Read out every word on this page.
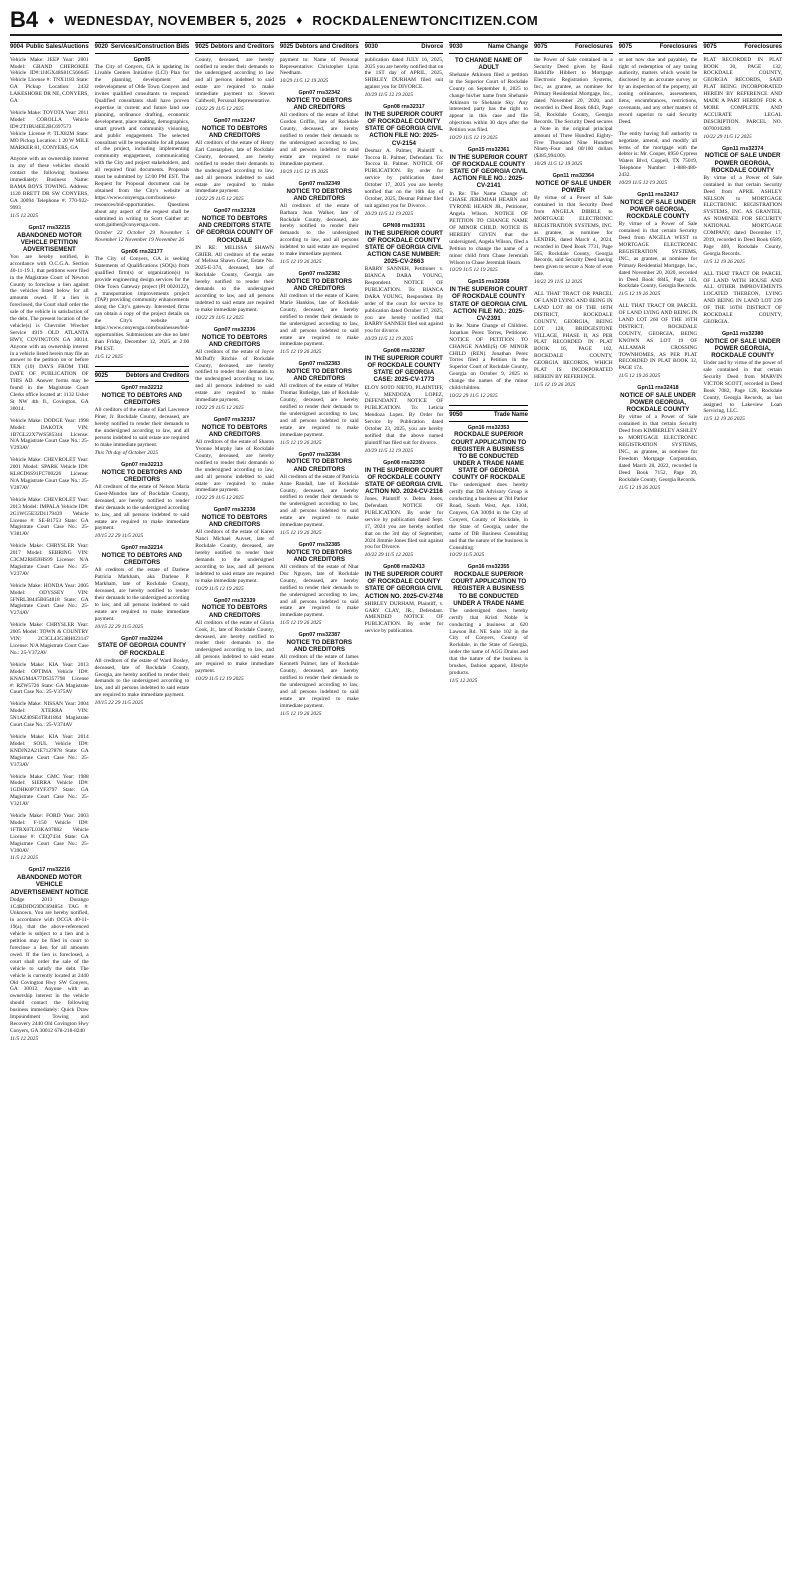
B4 ♦ WEDNESDAY, NOVEMBER 5, 2025 ♦ ROCKDALENEWTONCITIZEN.COM
9004 Public Sales/Auctions
Vehicle Make: JEEP Year: 2001 Model: GRAND CHEROKEE Vehicle ID#:1J4GX48S81C566645 Vehicle License #: TNX1183 State: GA Pickup Location: 2432 LAKESHORE DR NE, CONYERS, GA
Vehicle Make: TOYOTA Year: 2011 Model: COROLLA Vehicle ID#:2T1BU4EE2BC697573 Vehicle License #: TLX82M State: MO Pickup Location: 1 20 W MILE MARKER 81, CONYERS, GA
Anyone with an ownership interest in any of these vehicles should contact the following business immediately: Business Name: BAMA BOYS TOWING. Address: 1120 BRETT DR SW CONYERS, GA 30094 Telephone #: 770-922-9993
11/5 12 2025
Gpn17 rns32215
ABANDONED MOTOR VEHICLE PETITION ADVERTISEMENT
You are hereby notified, in accordance with O.C.G.A. Section 40-11-19.1, that petitions were filed in the Magistrate Court of Newton County to foreclose a lien against the vehicles listed below for all amounts owed. If a lien is foreclosed, the Court shall order the sale of the vehicle in satisfaction of the debt. The present location of the vehicle(s) is Chevrolet Wrecker Service 4919 OLD ATLANTA HWY, COVINGTON GA 30014. Anyone with an ownership interest in a vehicle listed herein may file an answer to the petition on or before TEN (10) DAYS FROM THE DATE OF PUBLICATION OF THIS AD. Answer forms may be found in the Magistrate Court Clerks office located at: 1132 Usher St NW 4th fl., Covington, GA 30014.
Vehicle Make: DODGE Year: 1998 Model: DAKOTA VIN: 1B7GL22X7WS585344 License: N/A Magistrate Court Case No.: 25-V293AV
Vehicle Make: CHEVROLET Year: 2001 Model: SPARK Vehicle ID#: KL8CD6S91FC700226 License: N/A Magistrate Court Case No.: 25-V287AV
Vehicle Make: CHEVROLET Year: 2013 Model: IMPALA Vehicle ID#: 2G1WG5E32D1179439 Vehicle License #: SE-B1753 State: GA Magistrate Court Case No.: 25-V381AV
Vehicle Make: CHRYSLER Year: 2017 Model: SEBRING VIN: C3CM2RH59HS99 License: N/A Magistrate Court Case No.: 25-V237AV
Vehicle Make: HONDA Year: 2005 Model: ODYSSEY VIN: 5FNRL38445B054818 State: GA Magistrate Court Case No.: 25-V274AV
Vehicle Make: CHRYSLER Year: 2005 Model: TOWN & COUNTRY VIN: 2C3CL43G38H023147 License: N/A Magistrate Court Case No.: 25-V372AV
Vehicle Make: KIA Year: 2013 Model: OPTIMA Vehicle ID#: KNAGM4A77D5357798 License #: RZW5726 State: GA Magistrate Court Case No.: 25-V375AV
Vehicle Make: NISSAN Year: 2004 Model: XTERRA VIN: 5N1AZ40SE4TR41864 Magistrate Court Case No.: 25-V374AV
Vehicle Make: KIA Year: 2014 Model: SOUL Vehicle ID#: KNDJN2A21E7127878 State: GA Magistrate Court Case No.: 25-V373AV
Vehicle Make: GMC Year: 1988 Model: SIERRA Vehicle ID#: 1GDHK0P74YF3797 State: GA Magistrate Court Case No.: 25-V321AV
Vehicle Make: FORD Year: 2003 Model: F-150 Vehicle ID#: 1FTRX07L03KA97882 Vehicle License #: CEQ7434 State: GA Magistrate Court Case No.: 25-V390AV
11/5 12 2025
Gpn17 rns32216
ABANDONED MOTOR VEHICLE ADVERTISEMENT NOTICE
Dodge 2013 Durango 1C4RDJDG9DC694854 TAG #: Unknown. You are hereby notified, in accordance with OCGA 40-11-19(a), that the above-referenced vehicle is subject to a lien and a petition may be filed in court to foreclose a lien for all amounts owed. If the lien is foreclosed, a court shall order the sale of the vehicle to satisfy the debt. The vehicle is currently located at 2440 Old Covington Hwy SW Conyers, GA 30012. Anyone with an ownership interest in the vehicle should contact the following business immediately: Quick Draw Impoundment Towing and Recovery 2440 Old Covington Hwy Conyers, GA 30012 678-218-8240
11/5 12 2025
9020 Services/Construction Bids
Gpn05
The City of Conyers, GA is updating its Livable Centers Initiative (LCI) Plan for the planning, development and redevelopment of Olde Town Conyers and invites qualified consultants to respond. Qualified consultants shall have proven expertise in current and future land use planning, ordinance drafting, economic development, place making, demographics, smart growth and community visioning, and public engagement. The selected consultant will be responsible for all phases of the project, including implementing community engagement, communicating with the City and project stakeholders, and all required final documents. Proposals must be submitted by 12:00 PM EST. The Request for Proposal document can be obtained from the City's website at https://www.conyersga.com/business-resources/bid-opportunities. Questions about any aspect of the request shall be submitted in writing to Scott Gaither at: scott.gaither@conyersga.com.
October 22 October 29 November 5 November 12 November 19 November 26
Gpn06 rns32177
The City of Conyers, GA is seeking Statements of Qualifications (SOQs) from qualified firm(s) or organization(s) to provide engineering design services for the Olde Town Gateway project (PI 0020122), a transportation improvements project (TAP) providing community enhancements along the City's gateway. Interested firms can obtain a copy of the project details on the City's website at https://www.conyersga.com/businesses/bid-opportunities. Submissions are due no later than Friday, December 12, 2025 at 2:00 PM EST.
11/5 12 2025
9025	Debtors and Creditors
Gpn07 rns32212
NOTICE TO DEBTORS AND CREDITORS
All creditors of the estate of Earl Lawrence Piner, Jr. Rockdale County, deceased, are hereby notified to render their demands to the undersigned according to law, and all persons indebted to said estate are required to make immediate payment.
This 7th day of October 2025
Gpn07 rns32213
NOTICE TO DEBTORS AND CREDITORS
All creditors of the estate of Nelson Maria Guest-Mundon late of Rockdale County, deceased, are hereby notified to render their demands to the undersigned according to law, and all persons indebted to said estate are required to make immediate payment.
10/15 22 29 11/5 2025
Gpn07 rns32214
NOTICE TO DEBTORS AND CREDITORS
All creditors of the estate of Darlene Patricia Markham, aka Darlene P. Markham, late of Rockdale County, deceased, are hereby notified to render their demands to the undersigned according to law, and all persons indebted to said estate are required to make immediate payment.
10/15 22 29 11/5 2025
Gpn07 rns32244
STATE OF GEORGIA COUNTY OF ROCKDALE
All creditors of the estate of Ward Bosley, deceased, late of Rockdale County, Georgia, are hereby notified to render their demands to the undersigned according to law, and all persons indebted to said estate are required to make immediate payment.
10/15 22 29 11/5 2025
9025 Debtors and Creditors
County, deceased, are hereby notified to render their demands to the undersigned according to law and all persons indebted to said estate are required to make immediate payment to: Steven Caldwell, Personal Representative.
10/22 29 11/5 12 2025
Gpn07 rns32247
NOTICE TO DEBTORS AND CREDITORS
All creditors of the estate of Henry Earl Carstarphen, late of Rockdale County, deceased, are hereby notified to render their demands to the undersigned according to law, and all persons indebted to said estate are required to make immediate payment.
10/22 29 11/5 12 2025
Gpn07 rns32328
NOTICE TO DEBTORS AND CREDITORS STATE OF GEORGIA COUNTY OF ROCKDALE
IN RE: MELISSA SHAWN GRIER. All creditors of the estate of Melissa Shawn Grier, Estate No. 2025-E-374, deceased, late of Rockdale County, Georgia are hereby notified to render their demands to the undersigned according to law, and all persons indebted to said estate are required to make immediate payment.
10/22 29 11/5 12 2025
Gpn07 rns32336
NOTICE TO DEBTORS AND CREDITORS
All creditors of the estate of Joyce McDuffy Ritchie of Rockdale County, deceased, are hereby notified to render their demands to the undersigned according to law, and all persons indebted to said estate are required to make immediate payment.
10/22 29 11/5 12 2025
Gpn07 rns32337
NOTICE TO DEBTORS AND CREDITORS
All creditors of the estate of Sharon Yvonne Murphy late of Rockdale County, deceased, are hereby notified to render their demands to the undersigned according to law, and all persons indebted to said estate are required to make immediate payment.
10/22 29 11/5 12 2025
Gpn07 rns32338
NOTICE TO DEBTORS AND CREDITORS
All creditors of the estate of Karen Nanci Michael Auvset, late of Rockdale County, deceased, are hereby notified to render their demands to the undersigned according to law, and all persons indebted to said estate are required to make immediate payment.
10/29 11/5 12 19 2025
Gpn07 rns32339
NOTICE TO DEBTORS AND CREDITORS
All creditors of the estate of Gloria Cook, Jr., late of Rockdale County, deceased, are hereby notified to render their demands to the undersigned according to law, and all persons indebted to said estate are required to make immediate payment.
10/29 11/5 12 19 2025
9025 Debtors and Creditors
payment to: Name of Personal Representative: Christopher Lynn Needham.
10/29 11/5 12 19 2025
Gpn07 rns32342
NOTICE TO DEBTORS AND CREDITORS
All creditors of the estate of Ethel Gordon Griffin, late of Rockdale County, deceased, are hereby notified to render their demands to the undersigned according to law, and all persons indebted to said estate are required to make immediate payment.
10/29 11/5 12 19 2025
Gpn07 rns32349
NOTICE TO DEBTORS AND CREDITORS
All creditors of the estate of Barbara Jean Walker, late of Rockdale County, deceased, are hereby notified to render their demands to the undersigned according to law, and all persons indebted to said estate are required to make immediate payment.
11/5 12 19 26 2025
Gpn07 rns32382
NOTICE TO DEBTORS AND CREDITORS
All creditors of the estate of Karen Marie Hankins, late of Rockdale County, deceased, are hereby notified to render their demands to the undersigned according to law, and all persons indebted to said estate are required to make immediate payment.
11/5 12 19 26 2025
Gpn07 rns32383
NOTICE TO DEBTORS AND CREDITORS
All creditors of the estate of Walter Thomas Rutledge, late of Rockdale County, deceased, are hereby notified to render their demands to the undersigned according to law, and all persons indebted to said estate are required to make immediate payment.
11/5 12 19 26 2025
Gpn07 rns32384
NOTICE TO DEBTORS AND CREDITORS
All creditors of the estate of Patricia Anne Randall, late of Rockdale County, deceased, are hereby notified to render their demands to the undersigned according to law, and all persons indebted to said estate are required to make immediate payment.
11/5 12 19 26 2025
Gpn07 rns32385
NOTICE TO DEBTORS AND CREDITORS
All creditors of the estate of Nhat Duc Nguyen, late of Rockdale County, deceased, are hereby notified to render their demands to the undersigned according to law, and all persons indebted to said estate are required to make immediate payment.
11/5 12 19 26 2025
Gpn07 rns32387
NOTICE TO DEBTORS AND CREDITORS
All creditors of the estate of James Kenneth Palmer, late of Rockdale County, deceased, are hereby notified to render their demands to the undersigned according to law, and all persons indebted to said estate are required to make immediate payment.
11/5 12 19 26 2025
9030	Divorce
publication dated JULY 16, 2025, 2025 you are hereby notified that on the 1ST day of APRIL, 2025, SHIRLEY DURHAM filed suit against you for DIVORCE.
10/29 11/5 12 19 2025
Gpn08 rns32317
IN THE SUPERIOR COURT OF ROCKDALE COUNTY STATE OF GEORGIA CIVIL ACTION FILE NO: 2025-CV-2154
Desmar A. Palmer, Plaintiff v. Toccoa B. Palmer, Defendant. To: Toccoa B. Palmer. NOTICE OF PUBLICATION. By order for service by publication dated October 17, 2025 you are hereby notified that on the 16th day of October, 2025, Desmar Palmer filed suit against you for Divorce.
10/29 11/5 12 19 2025
GPN08 rns31931
IN THE SUPERIOR COURT OF ROCKDALE COUNTY STATE OF GEORGIA CIVIL ACTION CASE NUMBER: 2025-CV-2663
BARRY SANNEH, Petitioner v. BIANCA DARA YOUNG, Respondent. NOTICE OF PUBLICATION. To: BIANCA DARA YOUNG, Respondent. By order of the court for service by publication dated October 17, 2025, you are hereby notified that BARRY SANNEH filed suit against you for divorce.
10/29 11/5 12 19 2025
Gpn08 rns32387
IN THE SUPERIOR COURT OF ROCKDALE COUNTY STATE OF GEORGIA CASE: 2025-CV-1773
ELOY SOTO NIETO, PLAINTIFF, V. MENDOZA LOPEZ, DEFENDANT. NOTICE OF PUBLICATION. To: Leticia Mendoza Lopez. By Order for Service by Publication dated October 23, 2025, you are hereby notified that the above named plaintiff has filed suit for divorce.
10/29 11/5 12 19 2025
Gpn08 rns32393
IN THE SUPERIOR COURT OF ROCKDALE COUNTY STATE OF GEORGIA CIVIL ACTION NO. 2024-CV-2116
Jones, Plaintiff v. Debra Jones, Defendant. NOTICE OF PUBLICATION. By order for service by publication dated Sept. 17, 2024 you are hereby notified that on the 3rd day of September, 2024 Jimmie Jones filed suit against you for Divorce.
10/22 29 11/5 12 2025
Gpn08 rns32413
IN THE SUPERIOR COURT OF ROCKDALE COUNTY STATE OF GEORGIA CIVIL ACTION NO. 2025-CV-2748
SHIRLEY DURHAM, Plaintiff, v. GARY CLAY, JR., Defendant. AMENDED NOTICE OF PUBLICATION. By order for service by publication.
9030	Name Change
TO CHANGE NAME OF ADULT
Shehanie Atkinson filed a petition in the Superior Court of Rockdale County on September 8, 2025 to change his/her name from Shehanie Atkinson to Shehanie Sky. Any interested party has the right to appear in this case and file objections within 30 days after the Petition was filed.
10/29 11/5 12 19 2025
Gpn15 rns32361
IN THE SUPERIOR COURT OF ROCKDALE COUNTY STATE OF GEORGIA CIVIL ACTION FILE NO.: 2025-CV-2141
In Re: The Name Change of: CHASE JEREMIAH HEARN and TYRONE HEARN JR., Petitioner, Angela Wilson. NOTICE OF PETITION TO CHANGE NAME OF MINOR CHILD. NOTICE IS HEREBY GIVEN that the undersigned, Angela Wilson, filed a Petition to change the name of a minor child from Chase Jeremiah Wilson to Chase Jeremiah Hearn.
10/29 11/5 12 19 2025
Gpn15 rns32368
IN THE SUPERIOR COURT OF ROCKDALE COUNTY STATE OF GEORGIA CIVIL ACTION FILE NO.: 2025-CV-2391
In Re: Name Change of Children. Jonathan Perez Torres, Petitioner. NOTICE OF PETITION TO CHANGE NAME(S) OF MINOR CHILD (REN). Jonathan Perez Torres filed a Petition in the Superior Court of Rockdale County, Georgia on October 9, 2025 to change the names of the minor child/children.
10/22 29 11/5 12 2025
9050	Trade Name
Gpn16 rns32353
ROCKDALE SUPERIOR COURT APPLICATION TO REGISTER A BUSINESS TO BE CONDUCTED UNDER A TRADE NAME STATE OF GEORGIA COUNTY OF ROCKDALE
The undersigned does hereby certify that DB Advisory Group is conducting a business at 784 Parker Road, South West, Apt. 1304, Conyers, GA 30094 in the City of Conyers, County of Rockdale, in the State of Georgia, under the name of DB Business Consulting and that the nature of the business is Consulting.
10/29 11/5 2025
Gpn16 rns32355
ROCKDALE SUPERIOR COURT APPLICATION TO REGISTER A BUSINESS TO BE CONDUCTED UNDER A TRADE NAME
The undersigned does hereby certify that Kristi Noble is conducting a business at 620 Lawson Rd. NE Suite 102 in the City of Conyers, County of Rockdale, in the State of Georgia, under the name of AGG Drains and that the nature of the business is brushes, fashion apparel, lifestyle products.
11/5 12 2025
9075	Foreclosures
the Power of Sale contained in a Security Deed given by Basil Radcliffe Hibbert to Mortgage Electronic Registration Systems, Inc., as grantee, as nominee for Primary Residential Mortgage, Inc., dated November 20, 2020, and recorded in Deed Book 6843, Page 50, Rockdale County, Georgia Records. The Security Deed secures a Note in the original principal amount of Three Hundred Eighty-Five Thousand Nine Hundred Ninety-Four and 00/100 dollars ($385,994.00).
10/29 11/5 12 19 2025
Gpn11 rns32364
NOTICE OF SALE UNDER POWER
By virtue of a Power of Sale contained in that Security Deed from ANGELA DIBBLE to MORTGAGE ELECTRONIC REGISTRATION SYSTEMS, INC. as grantee, as nominee for LENDER, dated March 4, 2024, recorded in Deed Book 7731, Page 565, Rockdale County, Georgia Records, said Security Deed having been given to secure a Note of even date.
10/22 29 11/5 12 2025
ALL THAT TRACT OR PARCEL OF LAND LYING AND BEING IN LAND LOT 88 OF THE 16TH DISTRICT, ROCKDALE COUNTY, GEORGIA, BEING LOT 128, BRIDGESTONE VILLAGE, PHASE II, AS PER PLAT RECORDED IN PLAT BOOK 16, PAGE 102, ROCKDALE COUNTY, GEORGIA RECORDS, WHICH PLAT IS INCORPORATED HEREIN BY REFERENCE.
11/5 12 19 26 2025
9075	Foreclosures
or not now due and payable), the right of redemption of any taxing authority, matters which would be disclosed by an accurate survey or by an inspection of the property, all zoning ordinances, assessments, liens, encumbrances, restrictions, covenants, and any other matters of record superior to said Security Deed.
The entity having full authority to negotiate, amend, and modify all terms of the mortgage with the debtor is: Mr. Cooper, 8950 Cypress Waters Blvd, Coppell, TX 75019, Telephone Number: 1-888-480-2432.
10/29 11/5 12 19 2025
Gpn11 rns32417
NOTICE OF SALE UNDER POWER GEORGIA, ROCKDALE COUNTY
By virtue of a Power of Sale contained in that certain Security Deed from ANGELA WEST to MORTGAGE ELECTRONIC REGISTRATION SYSTEMS, INC., as grantee, as nominee for Primary Residential Mortgage, Inc., dated November 20, 2020, recorded in Deed Book 6845, Page 143, Rockdale County, Georgia Records.
11/5 12 19 26 2025
ALL THAT TRACT OR PARCEL OF LAND LYING AND BEING IN LAND LOT 260 OF THE 16TH DISTRICT, ROCKDALE COUNTY, GEORGIA, BEING KNOWN AS LOT 19 OF ALLAMAR CROSSING TOWNHOMES, AS PER PLAT RECORDED IN PLAT BOOK 32, PAGE 174.
11/5 12 19 26 2025
Gpn11 rns32418
NOTICE OF SALE UNDER POWER GEORGIA, ROCKDALE COUNTY
By virtue of a Power of Sale contained in that certain Security Deed from KIMBERLEY ASHLEY to MORTGAGE ELECTRONIC REGISTRATION SYSTEMS, INC., as grantee, as nominee for Freedom Mortgage Corporation, dated March 28, 2022, recorded in Deed Book 7152, Page 39, Rockdale County, Georgia Records.
11/5 12 19 26 2025
9075	Foreclosures
PLAT RECORDED IN PLAT BOOK 30, PAGE 132, ROCKDALE COUNTY, GEORGIA RECORDS, SAID PLAT BEING INCORPORATED HEREIN BY REFERENCE AND MADE A PART HEREOF FOR A MORE COMPLETE AND ACCURATE LEGAL DESCRIPTION. PARCEL NO. 0070010289.
10/22 29 11/5 12 2025
Gpn11 rns32374
NOTICE OF SALE UNDER POWER GEORGIA, ROCKDALE COUNTY
By virtue of a Power of Sale contained in that certain Security Deed from APRIL ASHLEY NELSON to MORTGAGE ELECTRONIC REGISTRATION SYSTEMS, INC. AS GRANTEE, AS NOMINEE FOR SECURITY NATIONAL MORTGAGE COMPANY, dated December 17, 2019, recorded in Deed Book 6589, Page 469, Rockdale County, Georgia Records.
11/5 12 19 26 2025
ALL THAT TRACT OR PARCEL OF LAND WITH HOUSE AND ALL OTHER IMPROVEMENTS LOCATED THEREON, LYING AND BEING IN LAND LOT 239 OF THE 16TH DISTRICT OF ROCKDALE COUNTY, GEORGIA.
Gpn11 rns32380
NOTICE OF SALE UNDER POWER GEORGIA, ROCKDALE COUNTY
Under and by virtue of the power of sale contained in that certain Security Deed from MARVIN VICTOR SCOTT, recorded in Deed Book 7082, Page 128, Rockdale County, Georgia Records, as last assigned to Lakeview Loan Servicing, LLC.
11/5 12 19 26 2025
